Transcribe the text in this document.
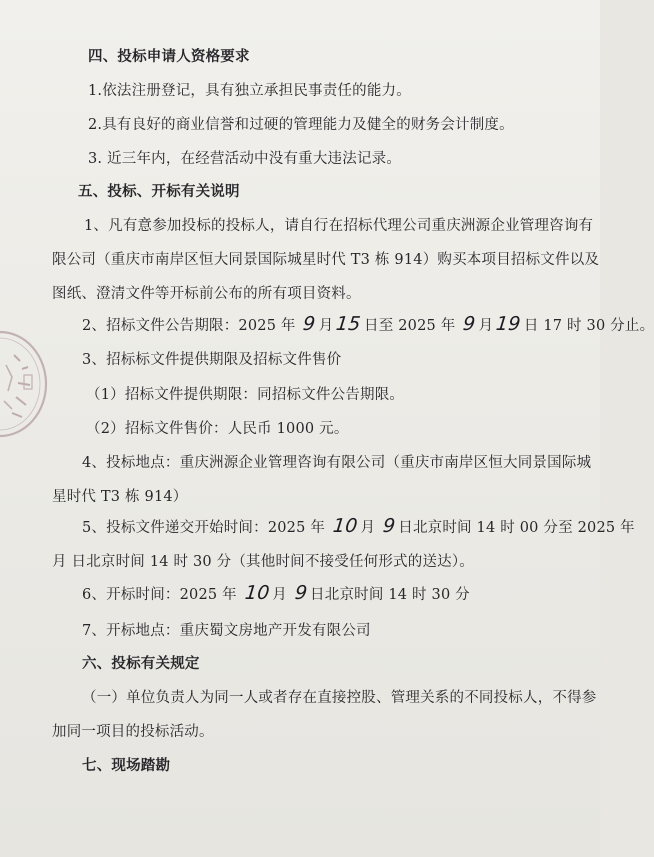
四、投标申请人资格要求
1.依法注册登记，具有独立承担民事责任的能力。
2.具有良好的商业信誉和过硬的管理能力及健全的财务会计制度。
3. 近三年内，在经营活动中没有重大违法记录。
五、投标、开标有关说明
1、凡有意参加投标的投标人，请自行在招标代理公司重庆洲源企业管理咨询有
限公司（重庆市南岸区恒大同景国际城星时代 T3 栋 914）购买本项目招标文件以及
图纸、澄清文件等开标前公布的所有项目资料。
2、招标文件公告期限：2025 年 9 月15 日至 2025 年 9 月19 日 17 时 30 分止。
3、招标标文件提供期限及招标文件售价
（1）招标文件提供期限：同招标文件公告期限。
（2）招标文件售价：人民币 1000 元。
4、投标地点：重庆洲源企业管理咨询有限公司（重庆市南岸区恒大同景国际城
星时代 T3 栋 914）
5、投标文件递交开始时间：2025 年 10 月 9 日北京时间 14 时 00 分至 2025 年
月 日北京时间 14 时 30 分（其他时间不接受任何形式的送达）。
6、开标时间：2025 年 10 月 9 日北京时间 14 时 30 分
7、开标地点：重庆蜀文房地产开发有限公司
六、投标有关规定
（一）单位负责人为同一人或者存在直接控股、管理关系的不同投标人，不得参
加同一项目的投标活动。
七、现场踏勘
